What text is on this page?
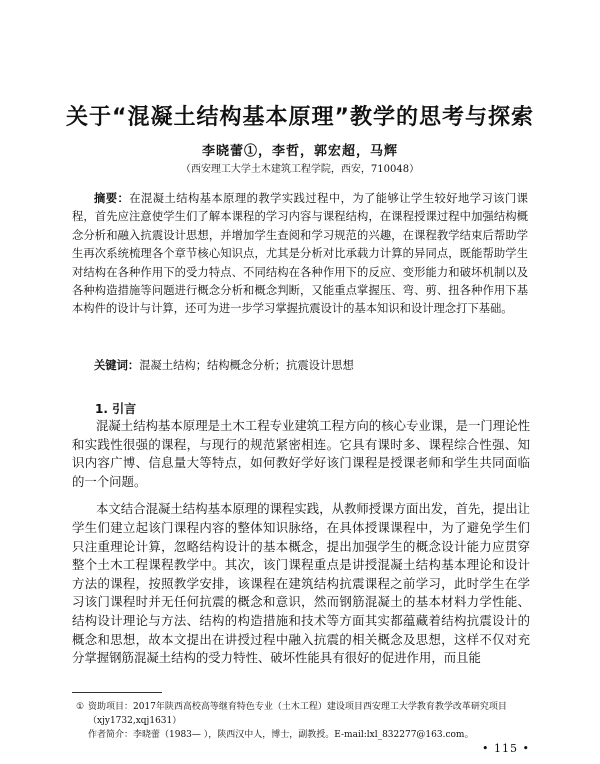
关于“混凝土结构基本原理”教学的思考与探索
李晓蕾①，李哲，郭宏超，马辉
（西安理工大学土木建筑工程学院，西安，710048）
摘要：在混凝土结构基本原理的教学实践过程中，为了能够让学生较好地学习该门课程，首先应注意使学生们了解本课程的学习内容与课程结构，在课程授课过程中加强结构概念分析和融入抗震设计思想，并增加学生查阅和学习规范的兴趣，在课程教学结束后帮助学生再次系统梳理各个章节核心知识点，尤其是分析对比承载力计算的异同点，既能帮助学生对结构在各种作用下的受力特点、不同结构在各种作用下的反应、变形能力和破坏机制以及各种构造措施等问题进行概念分析和概念判断，又能重点掌握压、弯、剪、扭各种作用下基本构件的设计与计算，还可为进一步学习掌握抗震设计的基本知识和设计理念打下基础。
关键词：混凝土结构；结构概念分析；抗震设计思想
1. 引言

混凝土结构基本原理是土木工程专业建筑工程方向的核心专业课，是一门理论性和实践性很强的课程，与现行的规范紧密相连。它具有课时多、课程综合性强、知识内容广博、信息量大等特点，如何教好学好该门课程是授课老师和学生共同面临的一个问题。

本文结合混凝土结构基本原理的课程实践，从教师授课方面出发，首先，提出让学生们建立起该门课程内容的整体知识脉络，在具体授课课程中，为了避免学生们只注重理论计算，忽略结构设计的基本概念，提出加强学生的概念设计能力应贯穿整个土木工程课程教学中。其次，该门课程重点是讲授混凝土结构基本理论和设计方法的课程，按照教学安排，该课程在建筑结构抗震课程之前学习，此时学生在学习该门课程时并无任何抗震的概念和意识，然而钢筋混凝土的基本材料力学性能、结构设计理论与方法、结构的构造措施和技术等方面其实都蕴藏着结构抗震设计的概念和思想，故本文提出在讲授过程中融入抗震的相关概念及思想，这样不仅对充分掌握钢筋混凝土结构的受力特性、破坏性能具有很好的促进作用，而且能

① 资助项目：2017年陕西高校高等继育特色专业（土木工程）建设项目西安理工大学教育教学改革研究项目（xjy1732,xqj1631）
作者简介：李晓蕾（1983— ），陕西汉中人，博士，副教授。E-mail:lxl_832277@163.com。
• 115 •
